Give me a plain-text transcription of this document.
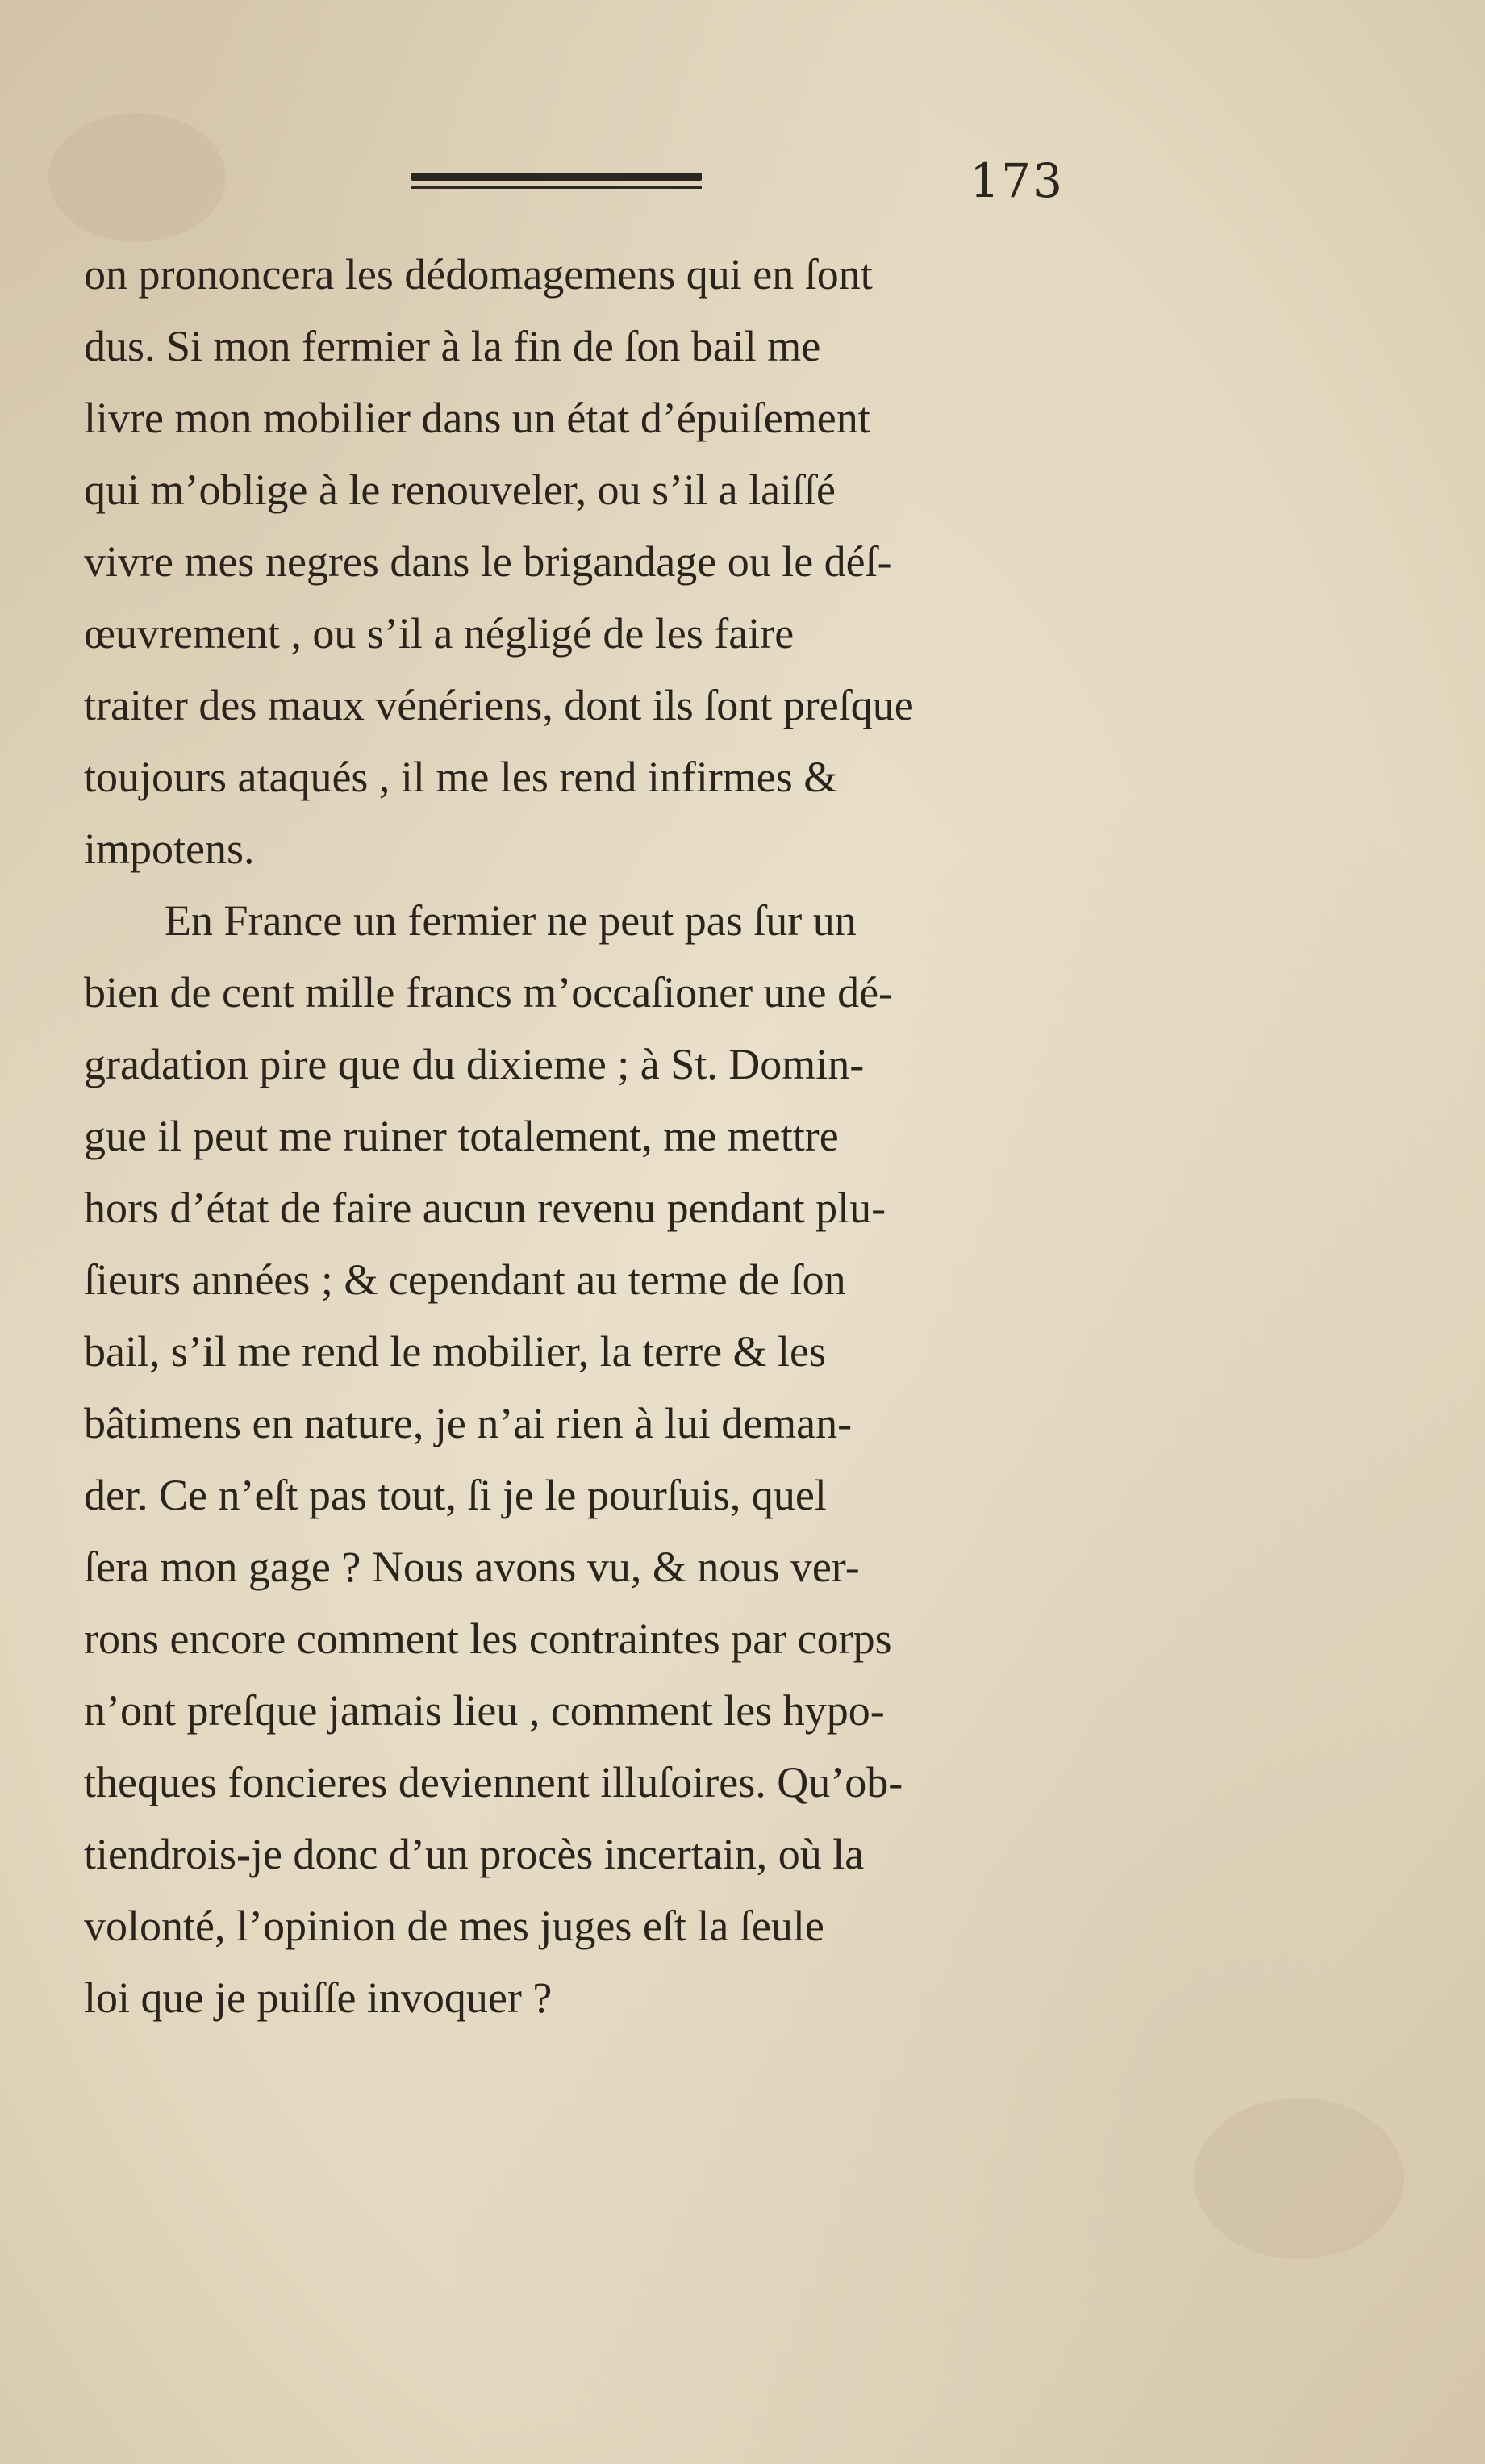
173
on prononcera les dédomagemens qui en ſont
dus. Si mon fermier à la fin de ſon bail me
livre mon mobilier dans un état d’épuiſement
qui m’oblige à le renouveler, ou s’il a laiſſé
vivre mes negres dans le brigandage ou le déſ-
œuvrement , ou s’il a négligé de les faire
traiter des maux vénériens, dont ils ſont preſque
toujours ataqués , il me les rend infirmes &
impotens.
En France un fermier ne peut pas ſur un
bien de cent mille francs m’occaſioner une dé-
gradation pire que du dixieme ; à St. Domin-
gue il peut me ruiner totalement, me mettre
hors d’état de faire aucun revenu pendant plu-
ſieurs années ; & cependant au terme de ſon
bail, s’il me rend le mobilier, la terre & les
bâtimens en nature, je n’ai rien à lui deman-
der. Ce n’eſt pas tout, ſi je le pourſuis, quel
ſera mon gage ? Nous avons vu, & nous ver-
rons encore comment les contraintes par corps
n’ont preſque jamais lieu , comment les hypo-
theques foncieres deviennent illuſoires. Qu’ob-
tiendrois-je donc d’un procès incertain, où la
volonté, l’opinion de mes juges eſt la ſeule
loi que je puiſſe invoquer ?
